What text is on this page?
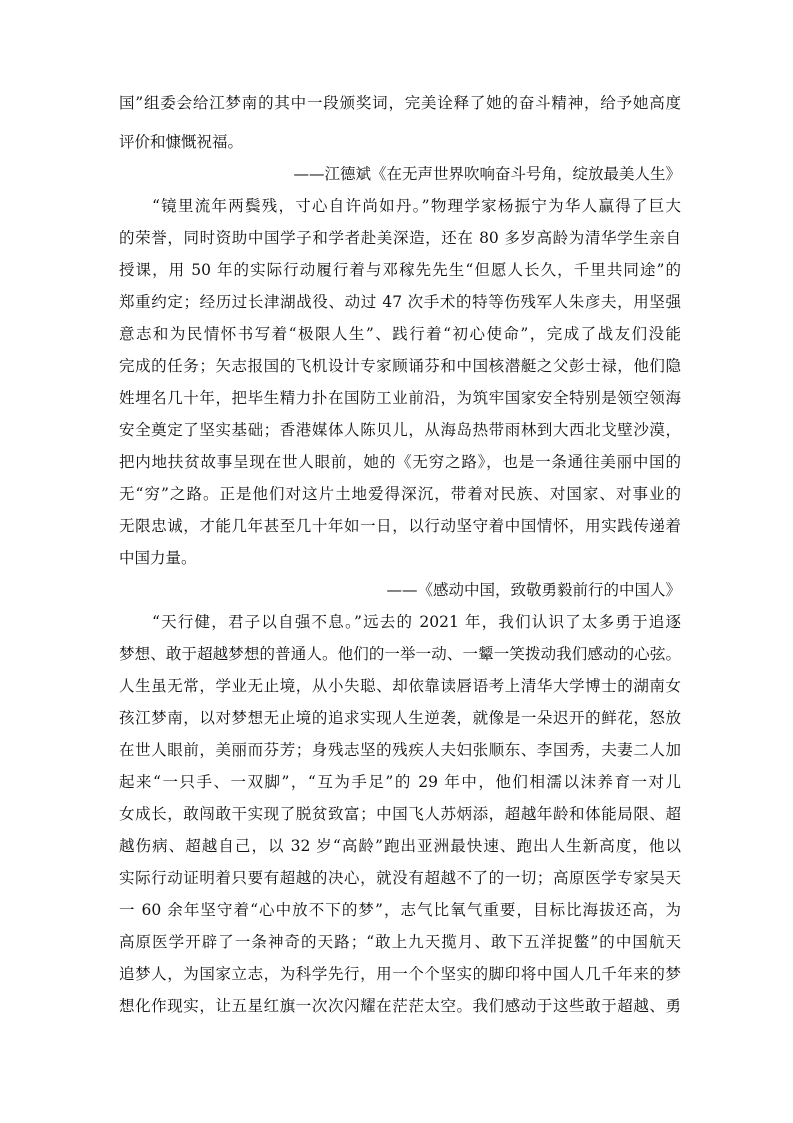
国”组委会给江梦南的其中一段颁奖词，完美诠释了她的奋斗精神，给予她高度
评价和慷慨祝福。
——江德斌《在无声世界吹响奋斗号角，绽放最美人生》
“镜里流年两鬓残，寸心自许尚如丹。”物理学家杨振宁为华人赢得了巨大
的荣誉，同时资助中国学子和学者赴美深造，还在 80 多岁高龄为清华学生亲自
授课，用 50 年的实际行动履行着与邓稼先先生“但愿人长久，千里共同途”的
郑重约定；经历过长津湖战役、动过 47 次手术的特等伤残军人朱彦夫，用坚强
意志和为民情怀书写着“极限人生”、践行着“初心使命”，完成了战友们没能
完成的任务；矢志报国的飞机设计专家顾诵芬和中国核潜艇之父彭士禄，他们隐
姓埋名几十年，把毕生精力扑在国防工业前沿，为筑牢国家安全特别是领空领海
安全奠定了坚实基础；香港媒体人陈贝儿，从海岛热带雨林到大西北戈壁沙漠，
把内地扶贫故事呈现在世人眼前，她的《无穷之路》，也是一条通往美丽中国的
无“穷”之路。正是他们对这片土地爱得深沉，带着对民族、对国家、对事业的
无限忠诚，才能几年甚至几十年如一日，以行动坚守着中国情怀，用实践传递着
中国力量。
——《感动中国，致敬勇毅前行的中国人》
“天行健，君子以自强不息。”远去的 2021 年，我们认识了太多勇于追逐
梦想、敢于超越梦想的普通人。他们的一举一动、一颦一笑拨动我们感动的心弦。
人生虽无常，学业无止境，从小失聪、却依靠读唇语考上清华大学博士的湖南女
孩江梦南，以对梦想无止境的追求实现人生逆袭，就像是一朵迟开的鲜花，怒放
在世人眼前，美丽而芬芳；身残志坚的残疾人夫妇张顺东、李国秀，夫妻二人加
起来“一只手、一双脚”，“互为手足”的 29 年中，他们相濡以沫养育一对儿
女成长，敢闯敢干实现了脱贫致富；中国飞人苏炳添，超越年龄和体能局限、超
越伤病、超越自己，以 32 岁“高龄”跑出亚洲最快速、跑出人生新高度，他以
实际行动证明着只要有超越的决心，就没有超越不了的一切；高原医学专家吴天
一 60 余年坚守着“心中放不下的梦”，志气比氧气重要，目标比海拔还高，为
高原医学开辟了一条神奇的天路；“敢上九天揽月、敢下五洋捉鳖”的中国航天
追梦人，为国家立志，为科学先行，用一个个坚实的脚印将中国人几千年来的梦
想化作现实，让五星红旗一次次闪耀在茫茫太空。我们感动于这些敢于超越、勇
